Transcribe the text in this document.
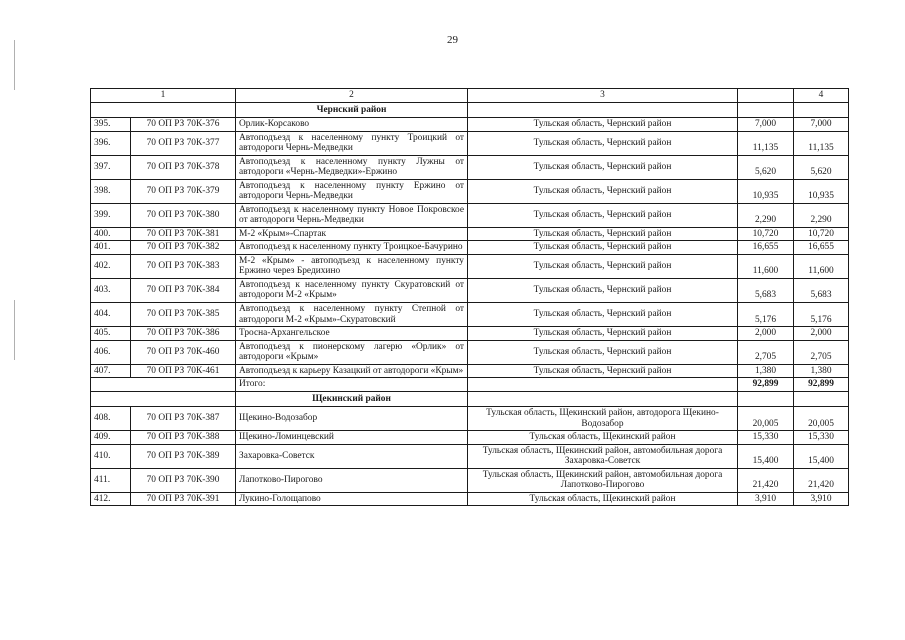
29
1		2	3		4
		Чернский район			
395.	70 ОП РЗ 70К-376	Орлик-Корсаково	Тульская область, Чернский район	7,000	7,000
396.	70 ОП РЗ 70К-377	Автоподъезд к населенному пункту Троицкий от автодороги Чернь-Медведки	Тульская область, Чернский район	11,135	11,135
397.	70 ОП РЗ 70К-378	Автоподъезд к населенному пункту Лужны от автодороги «Чернь-Медведки»-Ержино	Тульская область, Чернский район	5,620	5,620
398.	70 ОП РЗ 70К-379	Автоподъезд к населенному пункту Ержино от автодороги Чернь-Медведки	Тульская область, Чернский район	10,935	10,935
399.	70 ОП РЗ 70К-380	Автоподъезд к населенному пункту Новое Покровское от автодороги Чернь-Медведки	Тульская область, Чернский район	2,290	2,290
400.	70 ОП РЗ 70К-381	М-2 «Крым»-Спартак	Тульская область, Чернский район	10,720	10,720
401.	70 ОП РЗ 70К-382	Автоподъезд к населенному пункту Троицкое-Бачурино	Тульская область, Чернский район	16,655	16,655
402.	70 ОП РЗ 70К-383	М-2 «Крым» - автоподъезд к населенному пункту Ержино через Бредихино	Тульская область, Чернский район	11,600	11,600
403.	70 ОП РЗ 70К-384	Автоподъезд к населенному пункту Скуратовский от автодороги М-2 «Крым»	Тульская область, Чернский район	5,683	5,683
404.	70 ОП РЗ 70К-385	Автоподъезд к населенному пункту Степной от автодороги М-2 «Крым»-Скуратовский	Тульская область, Чернский район	5,176	5,176
405.	70 ОП РЗ 70К-386	Тросна-Архангельское	Тульская область, Чернский район	2,000	2,000
406.	70 ОП РЗ 70К-460	Автоподъезд к пионерскому лагерю «Орлик» от автодороги «Крым»	Тульская область, Чернский район	2,705	2,705
407.	70 ОП РЗ 70К-461	Автоподъезд к карьеру Казацкий от автодороги «Крым»	Тульская область, Чернский район	1,380	1,380
		Итого:		92,899	92,899
		Щекинский район			
408.	70 ОП РЗ 70К-387	Щекино-Водозабор	Тульская область, Щекинский район, автодорога Щекино-Водозабор	20,005	20,005
409.	70 ОП РЗ 70К-388	Щекино-Ломинцевский	Тульская область, Щекинский район	15,330	15,330
410.	70 ОП РЗ 70К-389	Захаровка-Советск	Тульская область, Щекинский район, автомобильная дорога Захаровка-Советск	15,400	15,400
411.	70 ОП РЗ 70К-390	Лапотково-Пирогово	Тульская область, Щекинский район, автомобильная дорога Лапотково-Пирогово	21,420	21,420
412.	70 ОП РЗ 70К-391	Лукино-Голощапово	Тульская область, Щекинский район	3,910	3,910
